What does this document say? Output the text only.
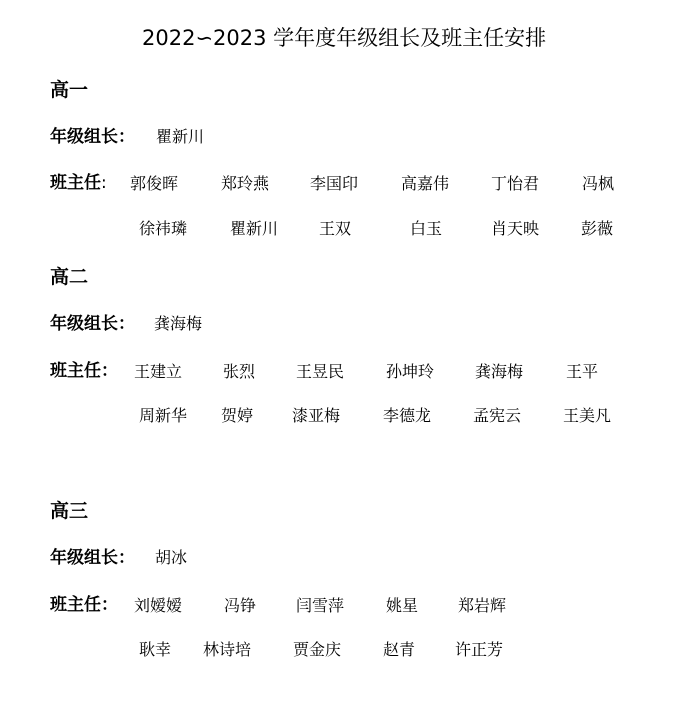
2022∽2023 学年度年级组长及班主任安排
高一
年级组长： 瞿新川
班主任: 郭俊晖	郑玲燕	李国印	高嘉伟	丁怡君	冯枫
徐祎璘	瞿新川	王双	白玉	肖天映	彭薇
高二
年级组长： 龚海梅
班主任： 王建立	张烈	王昱民	孙坤玲	龚海梅	王平
周新华 贺婷 漆亚梅	李德龙	孟宪云	王美凡
高三
年级组长： 胡冰
班主任： 刘嫒嫒	冯铮 闫雪萍	姚星 郑岩辉
耿幸 林诗培	贾金庆	赵青 许正芳
